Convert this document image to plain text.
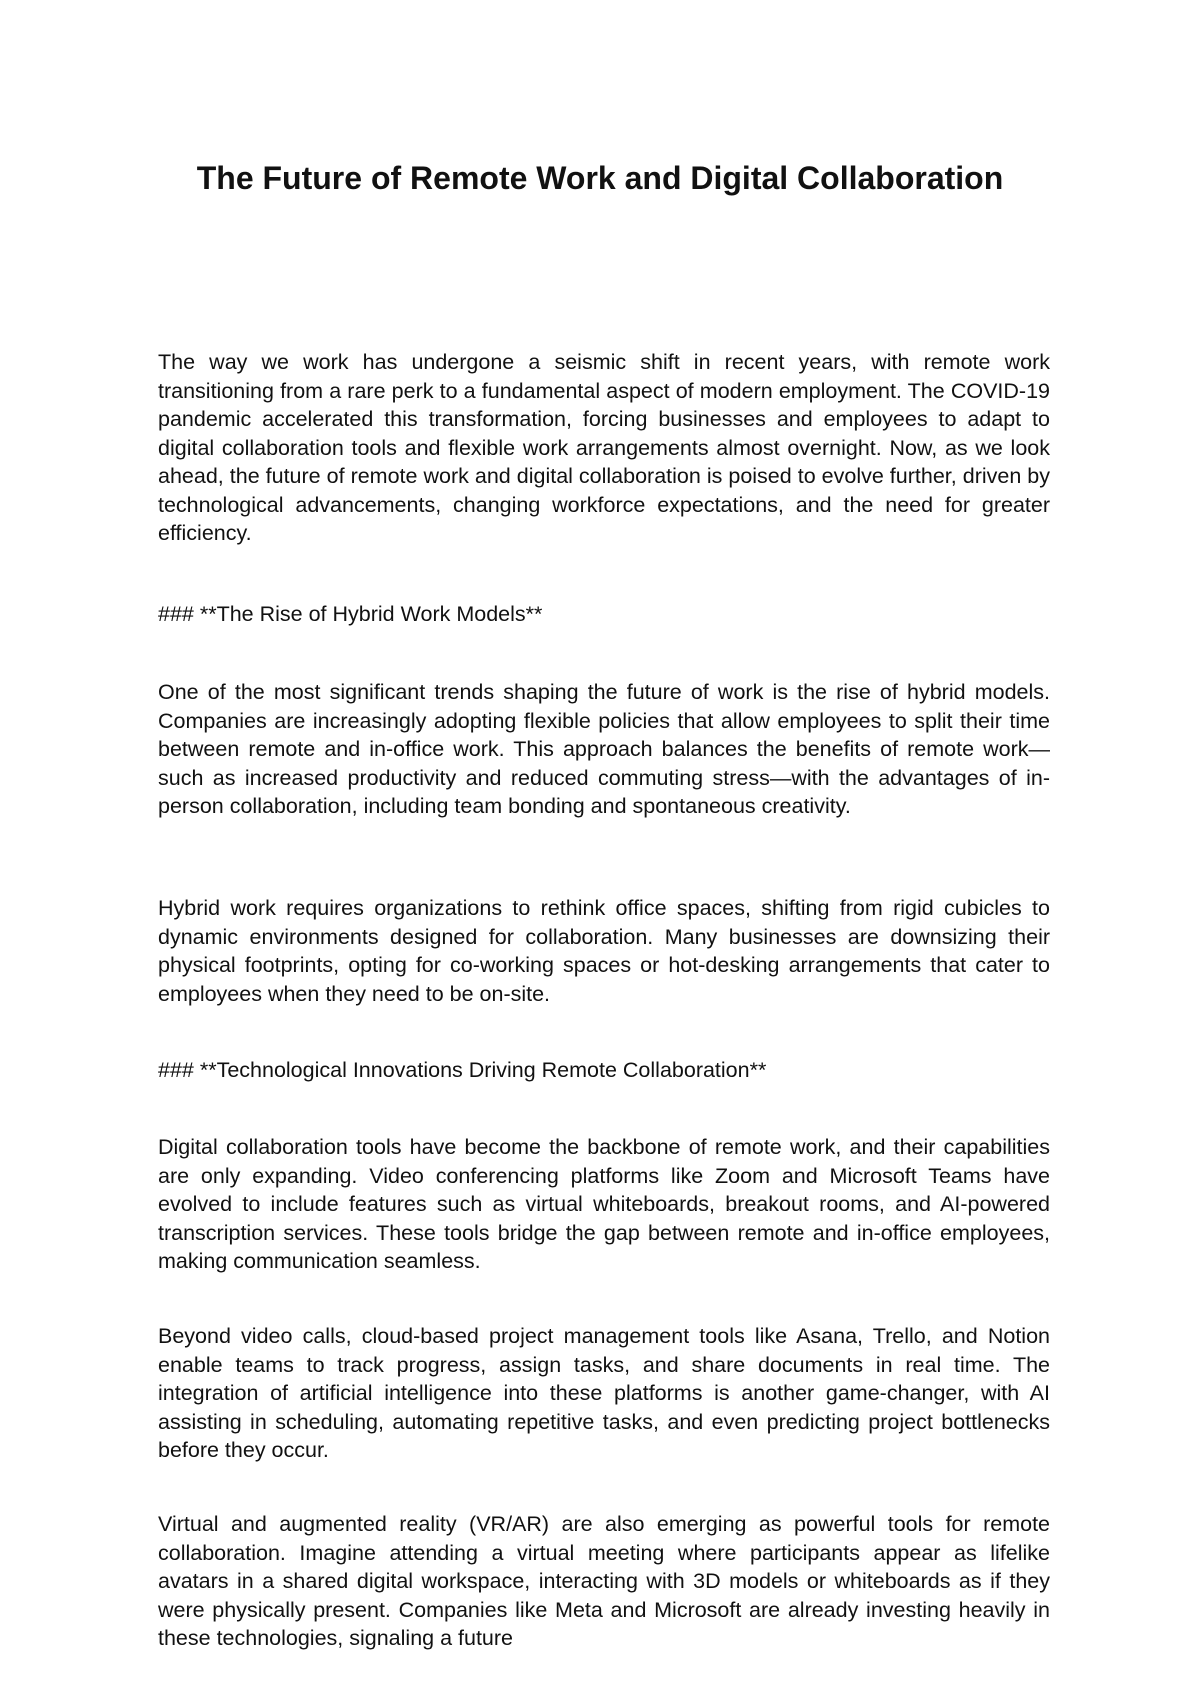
The Future of Remote Work and Digital Collaboration

The way we work has undergone a seismic shift in recent years, with remote work transitioning from a rare perk to a fundamental aspect of modern employment. The COVID-19 pandemic accelerated this transformation, forcing businesses and employees to adapt to digital collaboration tools and flexible work arrangements almost overnight. Now, as we look ahead, the future of remote work and digital collaboration is poised to evolve further, driven by technological advancements, changing workforce expectations, and the need for greater efficiency.

### **The Rise of Hybrid Work Models**

One of the most significant trends shaping the future of work is the rise of hybrid models. Companies are increasingly adopting flexible policies that allow employees to split their time between remote and in-office work. This approach balances the benefits of remote work—such as increased productivity and reduced commuting stress—with the advantages of in-person collaboration, including team bonding and spontaneous creativity.

Hybrid work requires organizations to rethink office spaces, shifting from rigid cubicles to dynamic environments designed for collaboration. Many businesses are downsizing their physical footprints, opting for co-working spaces or hot-desking arrangements that cater to employees when they need to be on-site.

### **Technological Innovations Driving Remote Collaboration**

Digital collaboration tools have become the backbone of remote work, and their capabilities are only expanding. Video conferencing platforms like Zoom and Microsoft Teams have evolved to include features such as virtual whiteboards, breakout rooms, and AI-powered transcription services. These tools bridge the gap between remote and in-office employees, making communication seamless.

Beyond video calls, cloud-based project management tools like Asana, Trello, and Notion enable teams to track progress, assign tasks, and share documents in real time. The integration of artificial intelligence into these platforms is another game-changer, with AI assisting in scheduling, automating repetitive tasks, and even predicting project bottlenecks before they occur.

Virtual and augmented reality (VR/AR) are also emerging as powerful tools for remote collaboration. Imagine attending a virtual meeting where participants appear as lifelike avatars in a shared digital workspace, interacting with 3D models or whiteboards as if they were physically present. Companies like Meta and Microsoft are already investing heavily in these technologies, signaling a future
